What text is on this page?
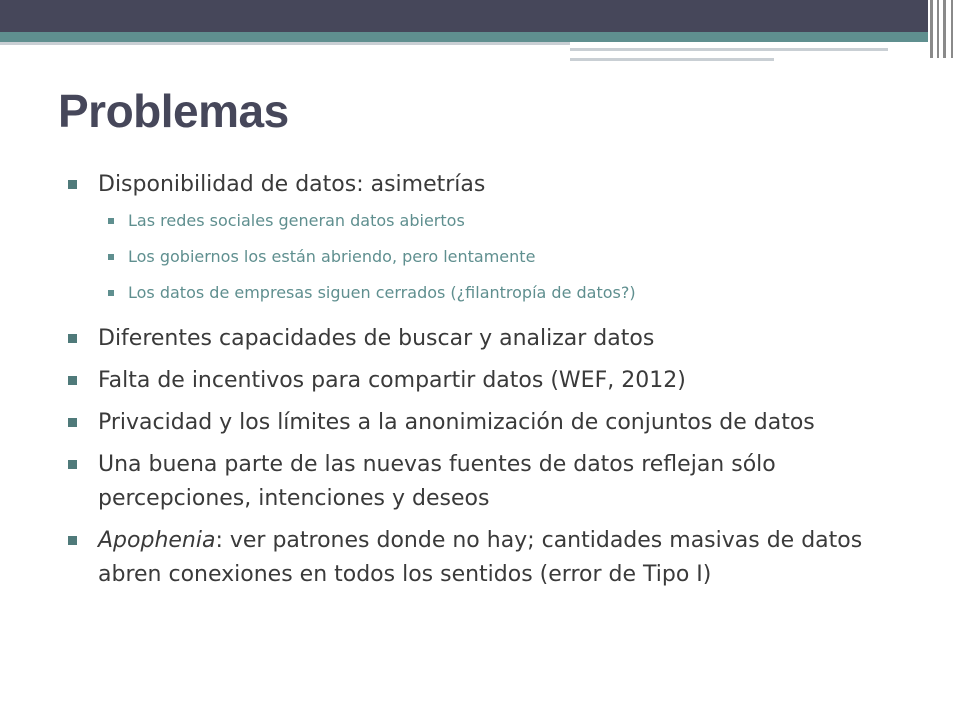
Problemas
Disponibilidad de datos: asimetrías
Las redes sociales generan datos abiertos
Los gobiernos los están abriendo, pero lentamente
Los datos de empresas siguen cerrados (¿filantropía de datos?)
Diferentes capacidades de buscar y analizar datos
Falta de incentivos para compartir datos (WEF, 2012)
Privacidad y los límites a la anonimización de conjuntos de datos
Una buena parte de las nuevas fuentes de datos reflejan sólo percepciones, intenciones y deseos
Apophenia: ver patrones donde no hay; cantidades masivas de datos abren conexiones en todos los sentidos (error de Tipo I)
